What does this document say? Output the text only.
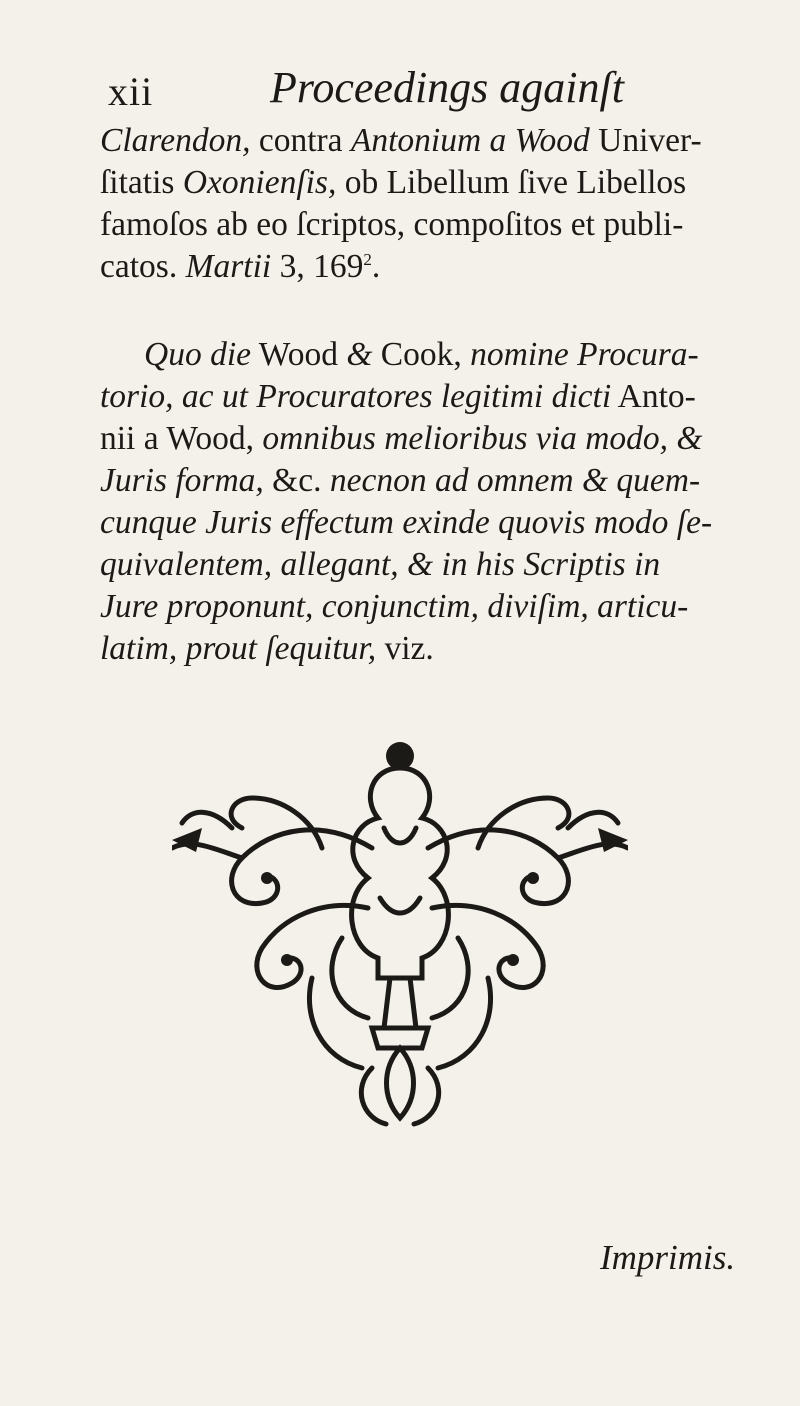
xii	Proceedings againſt
Clarendon, contra Antonium a Wood Univer-
ſitatis Oxonienſis, ob Libellum ſive Libellos
famoſos ab eo ſcriptos, compoſitos et publi-
catos. Martii 3, $169^2$.
Quo die Wood & Cook, nomine Procura-
torio, ac ut Procuratores legitimi dicti Anto-
nii a Wood, omnibus melioribus via modo, &
Juris forma, &c. necnon ad omnem & quem-
cunque Juris effectum exinde quovis modo ſe-
quivalentem, allegant, & in his Scriptis in
Jure proponunt, conjunctim, diviſim, articu-
latim, prout ſequitur, viz.
Imprimis.
